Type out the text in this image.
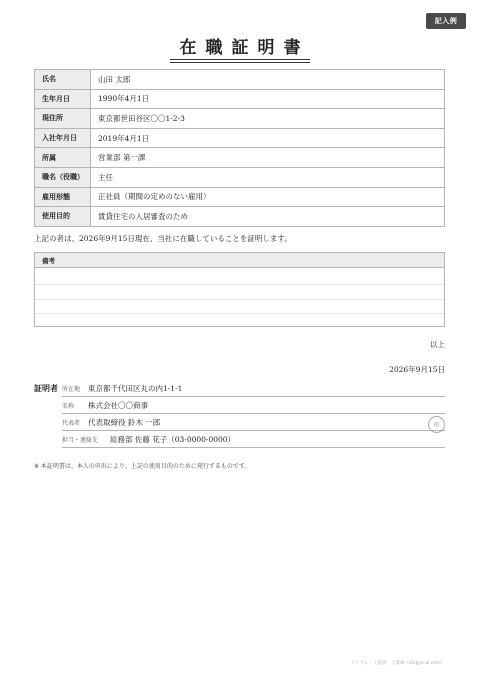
記入例
在職証明書
氏名	山田 太郎
生年月日	1990年4月1日
現住所	東京都世田谷区〇〇1-2-3
入社年月日	2019年4月1日
所属	営業部 第一課
職名（役職）	主任
雇用形態	正社員（期間の定めのない雇用）
使用目的	賃貸住宅の入居審査のため
上記の者は、2026年9月15日現在、当社に在職していることを証明します。
備考
以上
2026年9月15日
証明者 所在地	東京都千代田区丸の内1-1-1
名称	株式会社〇〇商事
代表者	代表取締役 鈴木 一郎
担当・連絡先	総務部 佐藤 花子（03-0000-0000）
印
※ 本証明書は、本人の申出により、上記の使用目的のために発行するものです。
テンプレート提供：士業AI（shigyo-ai.com）
